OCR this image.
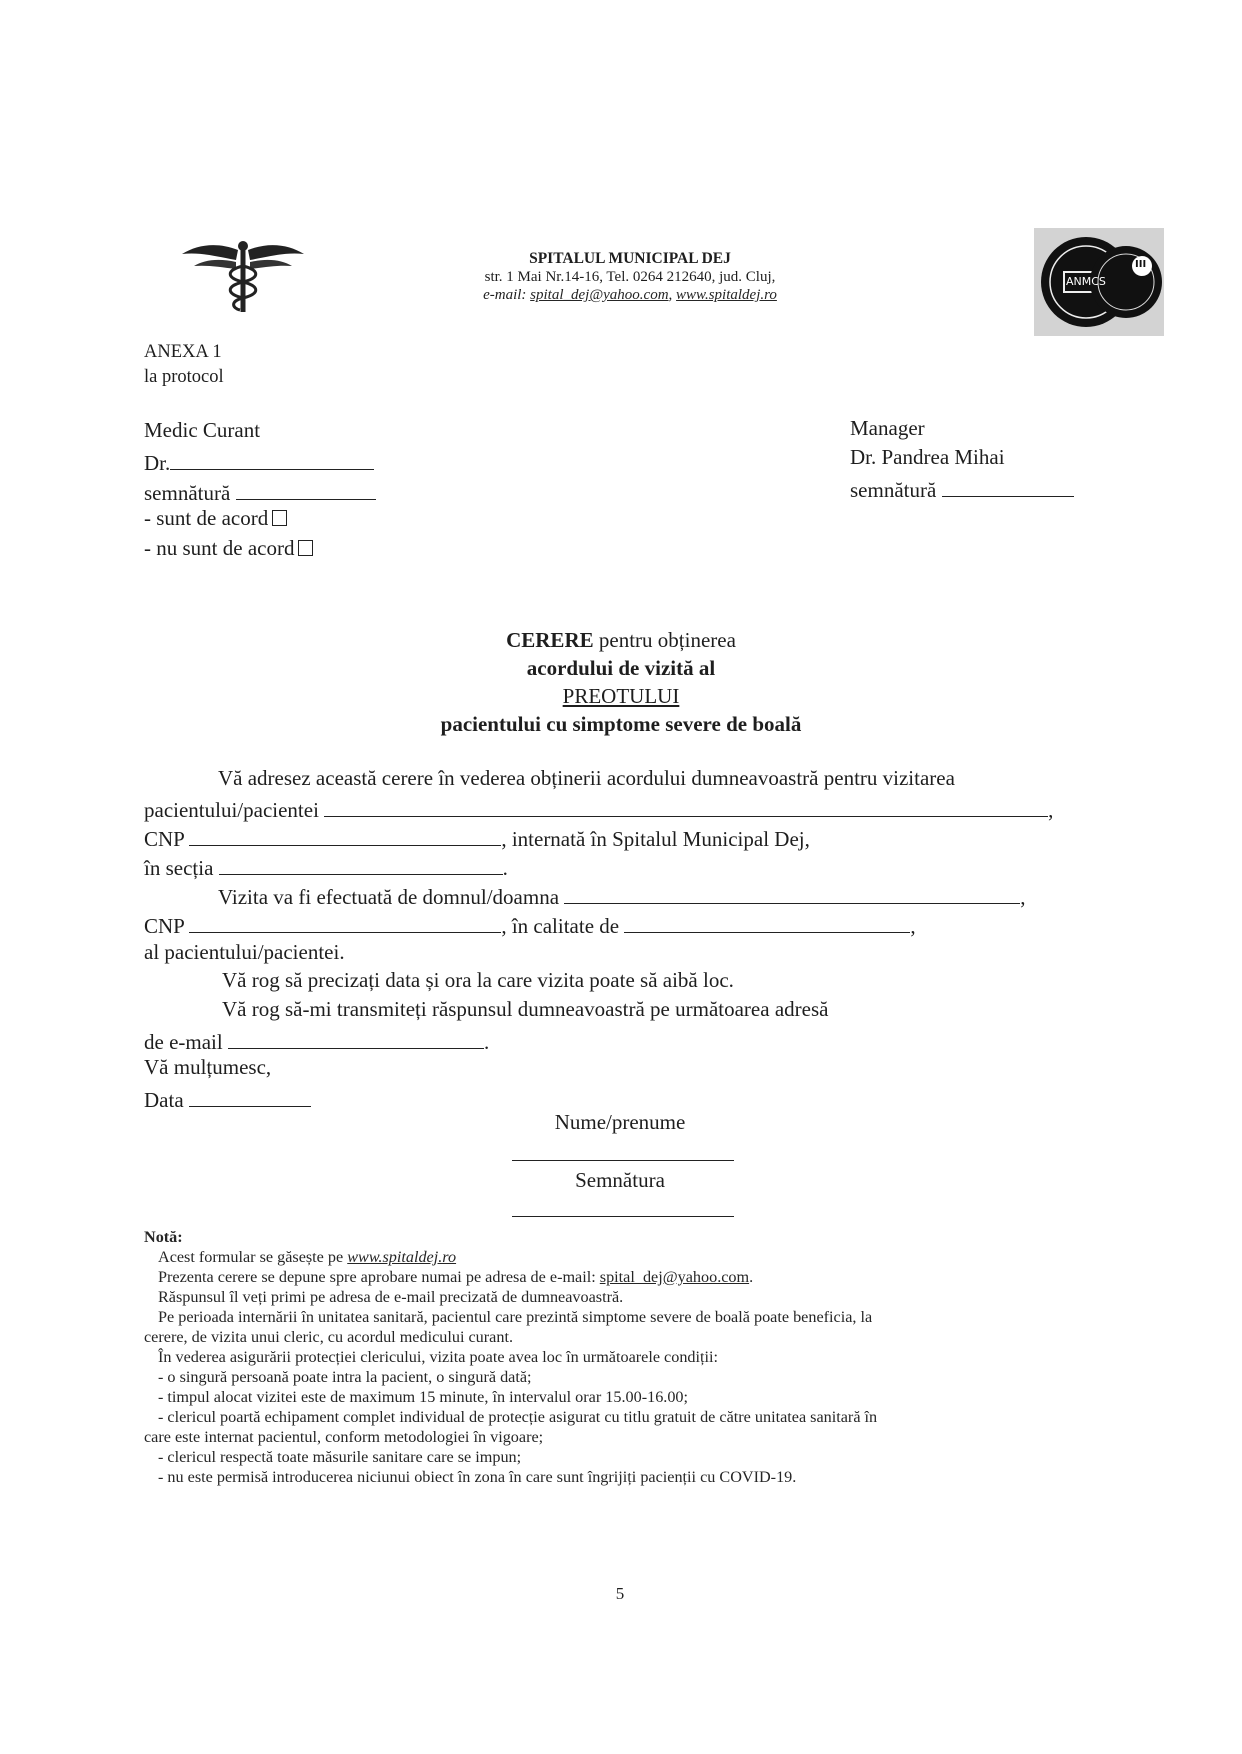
SPITALUL MUNICIPAL DEJ
str. 1 Mai Nr.14-16, Tel. 0264 212640, jud. Cluj,
e-mail: spital_dej@yahoo.com, www.spitaldej.ro
ANMCS
III
ANEXA 1
la protocol
Medic Curant
Dr.
semnătură
- sunt de acord
- nu sunt de acord
Manager
Dr. Pandrea Mihai
semnătură
CERERE pentru obținerea
acordului de vizită al
PREOTULUI
pacientului cu simptome severe de boală
Vă adresez această cerere în vederea obținerii acordului dumneavoastră pentru vizitarea
pacientului/pacientei	,
CNP	, internată în Spitalul Municipal Dej,
în secția	.
Vizita va fi efectuată de domnul/doamna	,
CNP	, în calitate de	,
al pacientului/pacientei.
Vă rog să precizați data și ora la care vizita poate să aibă loc.
Vă rog să-mi transmiteți răspunsul dumneavoastră pe următoarea adresă
de e-mail	.
Vă mulțumesc,
Data
Nume/prenume
Semnătura
Notă:
Acest formular se găsește pe www.spitaldej.ro
Prezenta cerere se depune spre aprobare numai pe adresa de e-mail: spital_dej@yahoo.com.
Răspunsul îl veți primi pe adresa de e-mail precizată de dumneavoastră.
Pe perioada internării în unitatea sanitară, pacientul care prezintă simptome severe de boală poate beneficia, la
cerere, de vizita unui cleric, cu acordul medicului curant.
În vederea asigurării protecției clericului, vizita poate avea loc în următoarele condiții:
- o singură persoană poate intra la pacient, o singură dată;
- timpul alocat vizitei este de maximum 15 minute, în intervalul orar 15.00-16.00;
- clericul poartă echipament complet individual de protecție asigurat cu titlu gratuit de către unitatea sanitară în
care este internat pacientul, conform metodologiei în vigoare;
- clericul respectă toate măsurile sanitare care se impun;
- nu este permisă introducerea niciunui obiect în zona în care sunt îngrijiți pacienții cu COVID-19.
5
